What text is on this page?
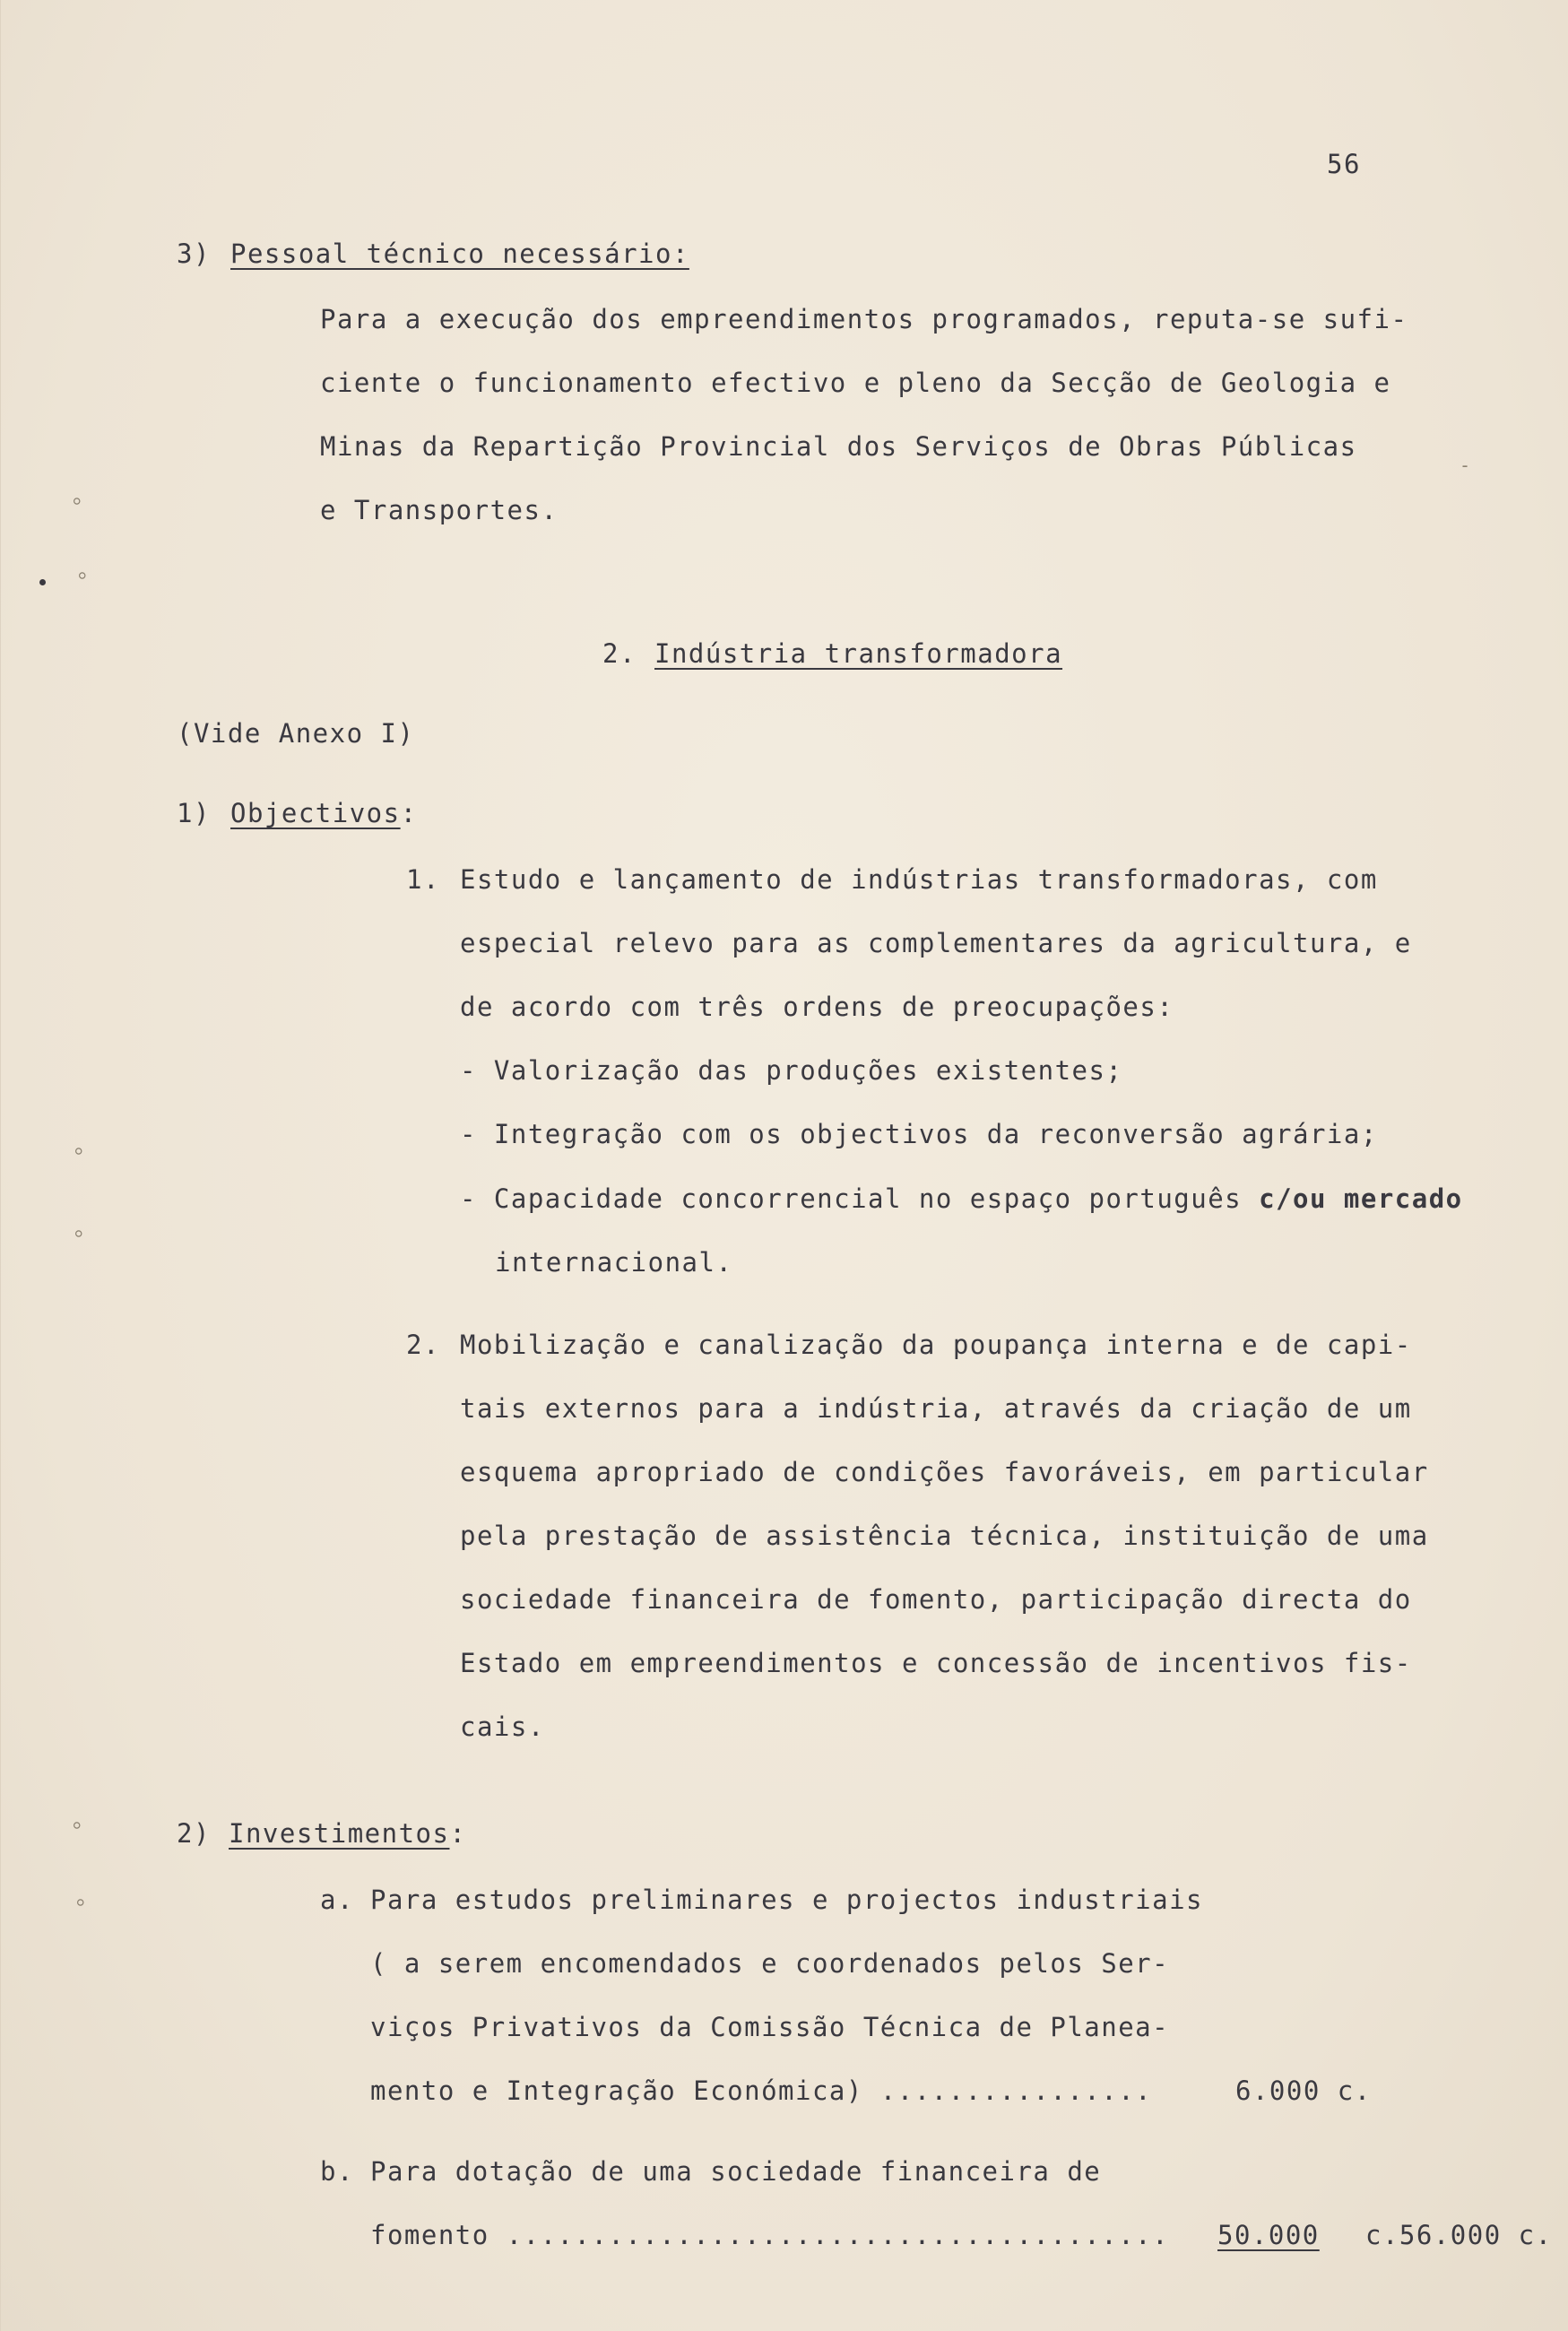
56
3) Pessoal técnico necessário:
Para a execução dos empreendimentos programados, reputa-se sufi-
ciente o funcionamento efectivo e pleno da Secção de Geologia e
Minas da Repartição Provincial dos Serviços de Obras Públicas
e Transportes.
2. Indústria transformadora
(Vide Anexo I)
1) Objectivos:
1. Estudo e lançamento de indústrias transformadoras, com
especial relevo para as complementares da agricultura, e
de acordo com três ordens de preocupações:
- Valorização das produções existentes;
- Integração com os objectivos da reconversão agrária;
- Capacidade concorrencial no espaço português c/ou mercado
internacional.
2. Mobilização e canalização da poupança interna e de capi-
tais externos para a indústria, através da criação de um
esquema apropriado de condições favoráveis, em particular
pela prestação de assistência técnica, instituição de uma
sociedade financeira de fomento, participação directa do
Estado em empreendimentos e concessão de incentivos fis-
cais.
2) Investimentos:
a. Para estudos preliminares e projectos industriais
( a serem encomendados e coordenados pelos Ser-
viços Privativos da Comissão Técnica de Planea-
mento e Integração Económica) ................	6.000 c.
b. Para dotação de uma sociedade financeira de
fomento ....................................... 50.000 c.56.000 c.
⸰
⸰
⸰
⸰
⸰
⸰
-
